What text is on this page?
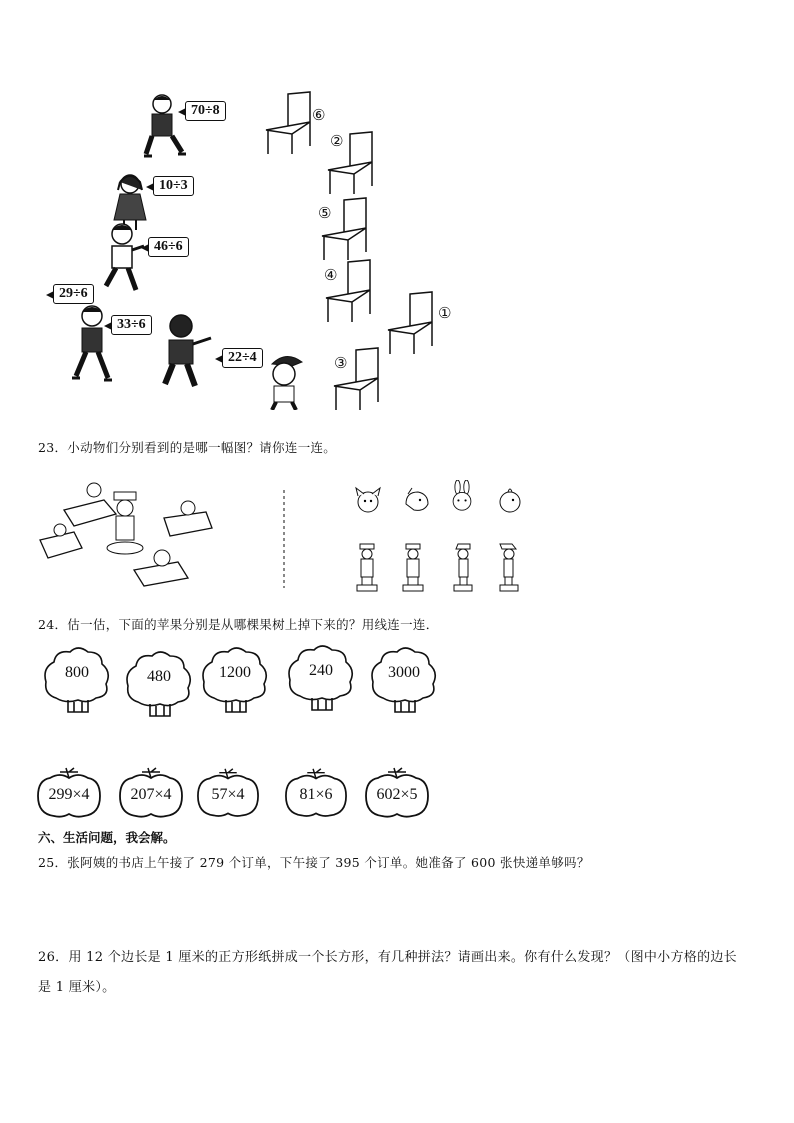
70÷8
10÷3
46÷6
29÷6
33÷6
22÷4
⑥
②
⑤
④
①
③
23．小动物们分别看到的是哪一幅图？请你连一连。
24．估一估，下面的苹果分别是从哪棵果树上掉下来的？用线连一连．
800	480	1200	240	3000
299×4	207×4	57×4	81×6	602×5
六、生活问题，我会解。
25．张阿姨的书店上午接了 279 个订单，下午接了 395 个订单。她准备了 600 张快递单够吗？
26．用 12 个边长是 1 厘米的正方形纸拼成一个长方形，有几种拼法？请画出来。你有什么发现？（图中小方格的边长
是 1 厘米）。
